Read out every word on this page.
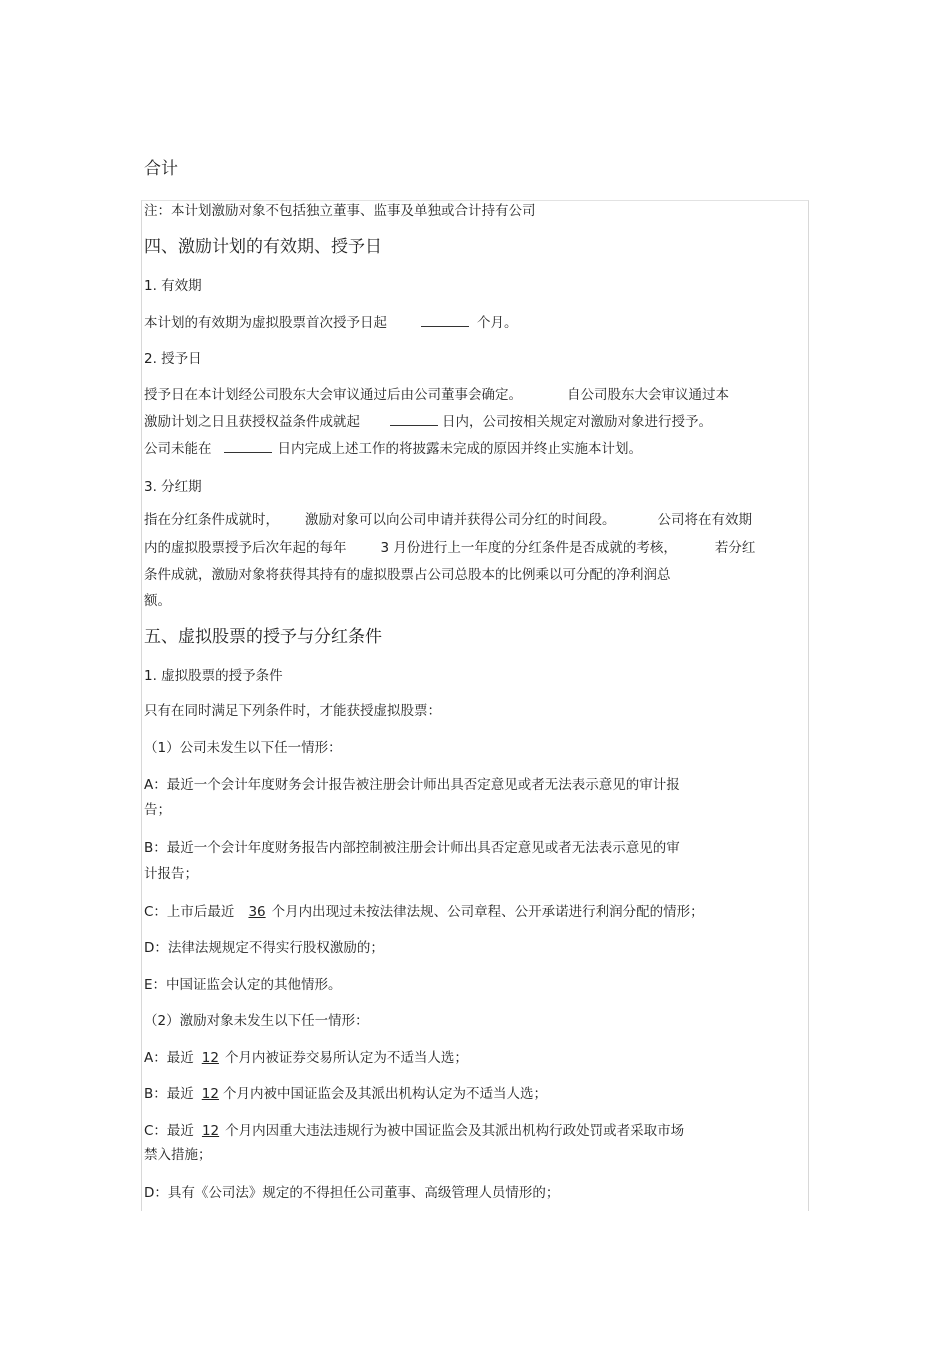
合计
注：本计划激励对象不包括独立董事、监事及单独或合计持有公司
四、激励计划的有效期、授予日
1. 有效期
本计划的有效期为虚拟股票首次授予日起	个月。
2. 授予日
授予日在本计划经公司股东大会审议通过后由公司董事会确定。	自公司股东大会审议通过本
激励计划之日且获授权益条件成就起	日内，公司按相关规定对激励对象进行授予。
公司未能在	日内完成上述工作的将披露未完成的原因并终止实施本计划。
3. 分红期
指在分红条件成就时， 激励对象可以向公司申请并获得公司分红的时间段。	公司将在有效期
内的虚拟股票授予后次年起的每年	3 月份进行上一年度的分红条件是否成就的考核，	若分红
条件成就，激励对象将获得其持有的虚拟股票占公司总股本的比例乘以可分配的净利润总
额。
五、虚拟股票的授予与分红条件
1. 虚拟股票的授予条件
只有在同时满足下列条件时，才能获授虚拟股票：
（1）公司未发生以下任一情形：
A：最近一个会计年度财务会计报告被注册会计师出具否定意见或者无法表示意见的审计报
告；
B：最近一个会计年度财务报告内部控制被注册会计师出具否定意见或者无法表示意见的审
计报告；
C：上市后最近 36 个月内出现过未按法律法规、公司章程、公开承诺进行利润分配的情形；
D：法律法规规定不得实行股权激励的；
E：中国证监会认定的其他情形。
（2）激励对象未发生以下任一情形：
A：最近 12 个月内被证券交易所认定为不适当人选；
B：最近 12 个月内被中国证监会及其派出机构认定为不适当人选；
C：最近 12 个月内因重大违法违规行为被中国证监会及其派出机构行政处罚或者采取市场
禁入措施；
D：具有《公司法》规定的不得担任公司董事、高级管理人员情形的；
